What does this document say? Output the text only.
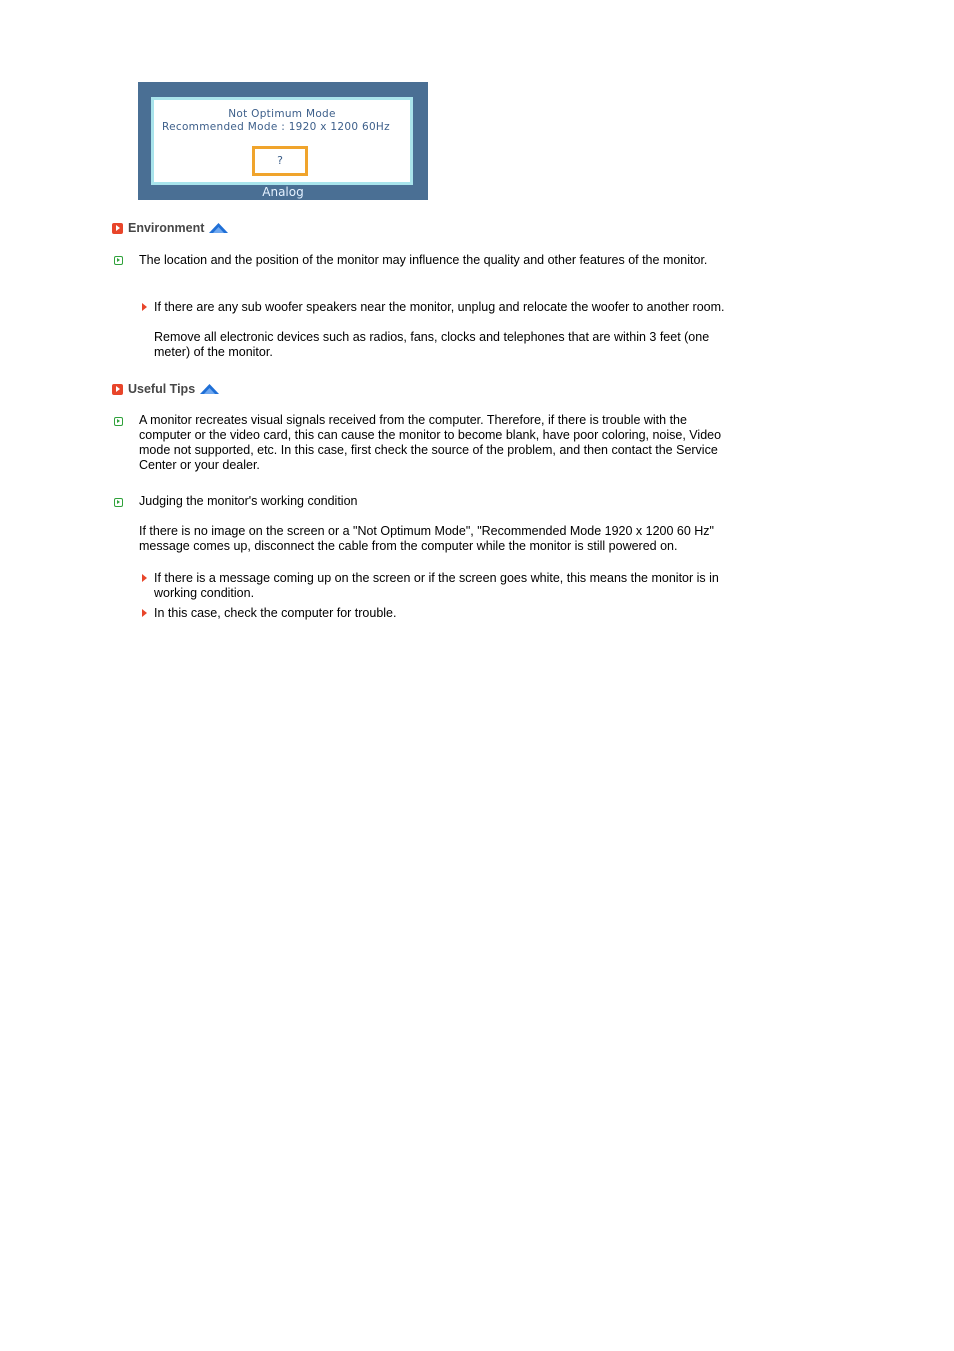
Not Optimum Mode
Recommended Mode : 1920 x 1200 60Hz
?
Analog
Environment

The location and the position of the monitor may influence the quality and other features of the monitor.

If there are any sub woofer speakers near the monitor, unplug and relocate the woofer to another room.

Remove all electronic devices such as radios, fans, clocks and telephones that are within 3 feet (one meter) of the monitor.

Useful Tips

A monitor recreates visual signals received from the computer. Therefore, if there is trouble with the computer or the video card, this can cause the monitor to become blank, have poor coloring, noise, Video mode not supported, etc. In this case, first check the source of the problem, and then contact the Service Center or your dealer.

Judging the monitor's working condition

If there is no image on the screen or a "Not Optimum Mode", "Recommended Mode 1920 x 1200 60 Hz" message comes up, disconnect the cable from the computer while the monitor is still powered on.

If there is a message coming up on the screen or if the screen goes white, this means the monitor is in working condition.

In this case, check the computer for trouble.
